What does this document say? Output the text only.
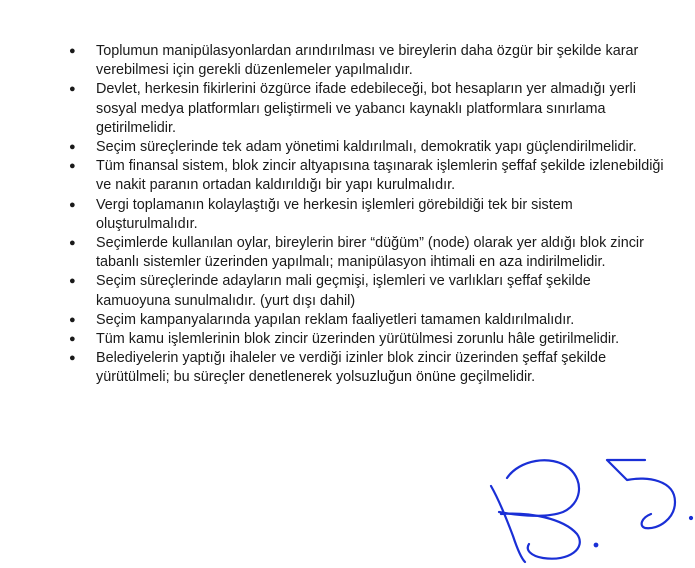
● Toplumun manipülasyonlardan arındırılması ve bireylerin daha özgür bir şekilde karar verebilmesi için gerekli düzenlemeler yapılmalıdır.
● Devlet, herkesin fikirlerini özgürce ifade edebileceği, bot hesapların yer almadığı yerli sosyal medya platformları geliştirmeli ve yabancı kaynaklı platformlara sınırlama getirilmelidir.
● Seçim süreçlerinde tek adam yönetimi kaldırılmalı, demokratik yapı güçlendirilmelidir.
● Tüm finansal sistem, blok zincir altyapısına taşınarak işlemlerin şeffaf şekilde izlenebildiği ve nakit paranın ortadan kaldırıldığı bir yapı kurulmalıdır.
● Vergi toplamanın kolaylaştığı ve herkesin işlemleri görebildiği tek bir sistem oluşturulmalıdır.
● Seçimlerde kullanılan oylar, bireylerin birer “düğüm” (node) olarak yer aldığı blok zincir tabanlı sistemler üzerinden yapılmalı; manipülasyon ihtimali en aza indirilmelidir.
● Seçim süreçlerinde adayların mali geçmişi, işlemleri ve varlıkları şeffaf şekilde kamuoyuna sunulmalıdır. (yurt dışı dahil)
● Seçim kampanyalarında yapılan reklam faaliyetleri tamamen kaldırılmalıdır.
● Tüm kamu işlemlerinin blok zincir üzerinden yürütülmesi zorunlu hâle getirilmelidir.
● Belediyelerin yaptığı ihaleler ve verdiği izinler blok zincir üzerinden şeffaf şekilde yürütülmeli; bu süreçler denetlenerek yolsuzluğun önüne geçilmelidir.
